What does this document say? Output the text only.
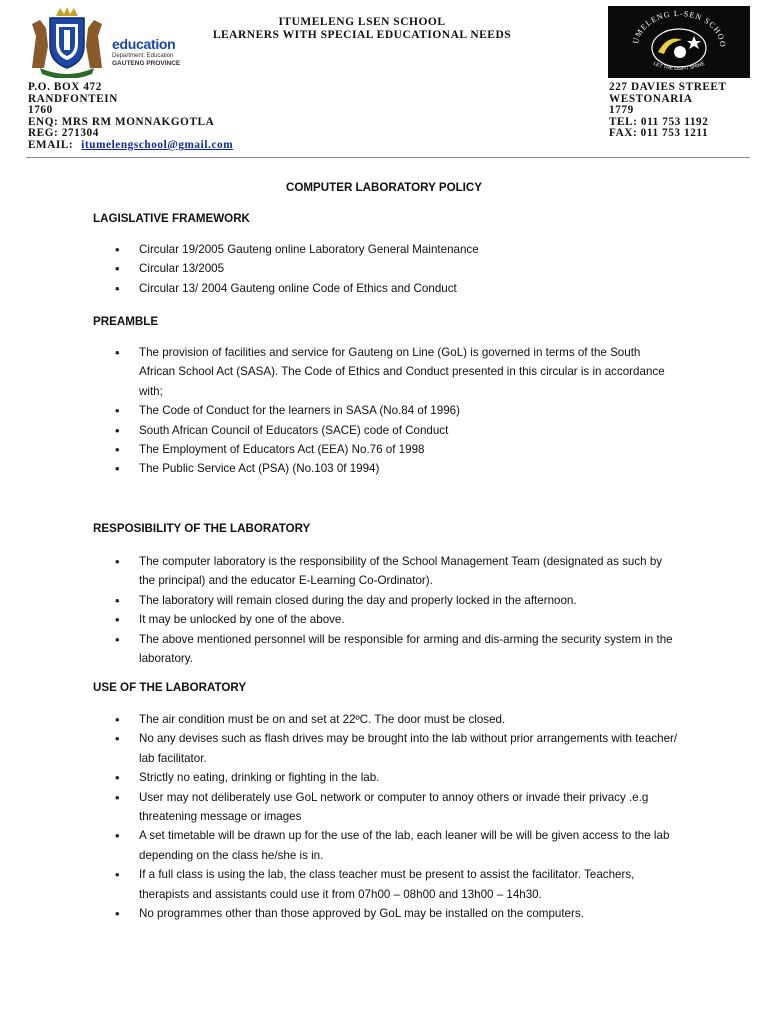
education
Department: Education
GAUTENG PROVINCE
ITUMELENG LSEN SCHOOL
LEARNERS WITH SPECIAL EDUCATIONAL NEEDS	UMELENG L-SEN SCHOO
LET THE LIGHT SHINE
P.O. BOX 472
RANDFONTEIN
1760
ENQ: MRS RM MONNAKGOTLA
REG: 271304
EMAIL: itumelengschool@gmail.com
227 DAVIES STREET
WESTONARIA
1779
TEL: 011 753 1192
FAX: 011 753 1211
COMPUTER LABORATORY POLICY
LAGISLATIVE FRAMEWORK
• Circular 19/2005 Gauteng online Laboratory General Maintenance
• Circular 13/2005
• Circular 13/ 2004 Gauteng online Code of Ethics and Conduct
PREAMBLE
• The provision of facilities and service for Gauteng on Line (GoL) is governed in terms of the South African School Act (SASA). The Code of Ethics and Conduct presented in this circular is in accordance with;
• The Code of Conduct for the learners in SASA (No.84 of 1996)
• South African Council of Educators (SACE) code of Conduct
• The Employment of Educators Act (EEA) No.76 of 1998
• The Public Service Act (PSA) (No.103 0f 1994)
RESPOSIBILITY OF THE LABORATORY
• The computer laboratory is the responsibility of the School Management Team (designated as such by the principal) and the educator E-Learning Co-Ordinator).
• The laboratory will remain closed during the day and properly locked in the afternoon.
• It may be unlocked by one of the above.
• The above mentioned personnel will be responsible for arming and dis-arming the security system in the laboratory.
USE OF THE LABORATORY
• The air condition must be on and set at 22ºC. The door must be closed.
• No any devises such as flash drives may be brought into the lab without prior arrangements with teacher/ lab facilitator.
• Strictly no eating, drinking or fighting in the lab.
• User may not deliberately use GoL network or computer to annoy others or invade their privacy .e.g threatening message or images
• A set timetable will be drawn up for the use of the lab, each leaner will be will be given access to the lab depending on the class he/she is in.
• If a full class is using the lab, the class teacher must be present to assist the facilitator. Teachers, therapists and assistants could use it from 07h00 – 08h00 and 13h00 – 14h30.
• No programmes other than those approved by GoL may be installed on the computers.
